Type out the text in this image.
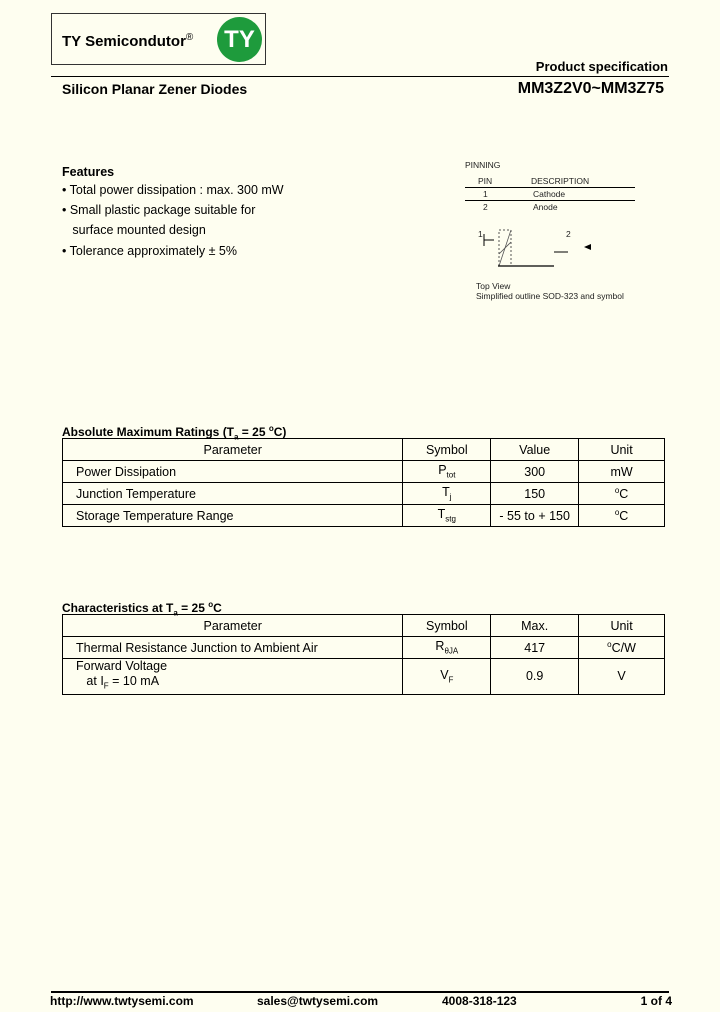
TY Semicondutor® TY
Product specification
Silicon Planar Zener Diodes	MM3Z2V0~MM3Z75
Features
• Total power dissipation : max. 300 mW
• Small plastic package suitable for
surface mounted design
• Tolerance approximately ± 5%
PINNING
PIN	DESCRIPTION
1	Cathode
2	Anode
1	2
Top View
Simplified outline SOD-323 and symbol
Absolute Maximum Ratings ($T_a = 25$ $^o$C)
Parameter	Symbol	Value	Unit
Power Dissipation	$P_{tot}$	300	mW
Junction Temperature	$T_j$	150	$^o$C
Storage Temperature Range	$T_{stg}$	- 55 to + 150	$^o$C
Characteristics at $T_a = 25$ $^o$C
Parameter	Symbol	Max.	Unit
Thermal Resistance Junction to Ambient Air	$R_{\theta JA}$	417	$^o$C/W

Forward Voltage
at $I_F = 10$ mA	$V_F$	0.9	V
http://www.twtysemi.com	sales@twtysemi.com	4008-318-123	1 of 4
